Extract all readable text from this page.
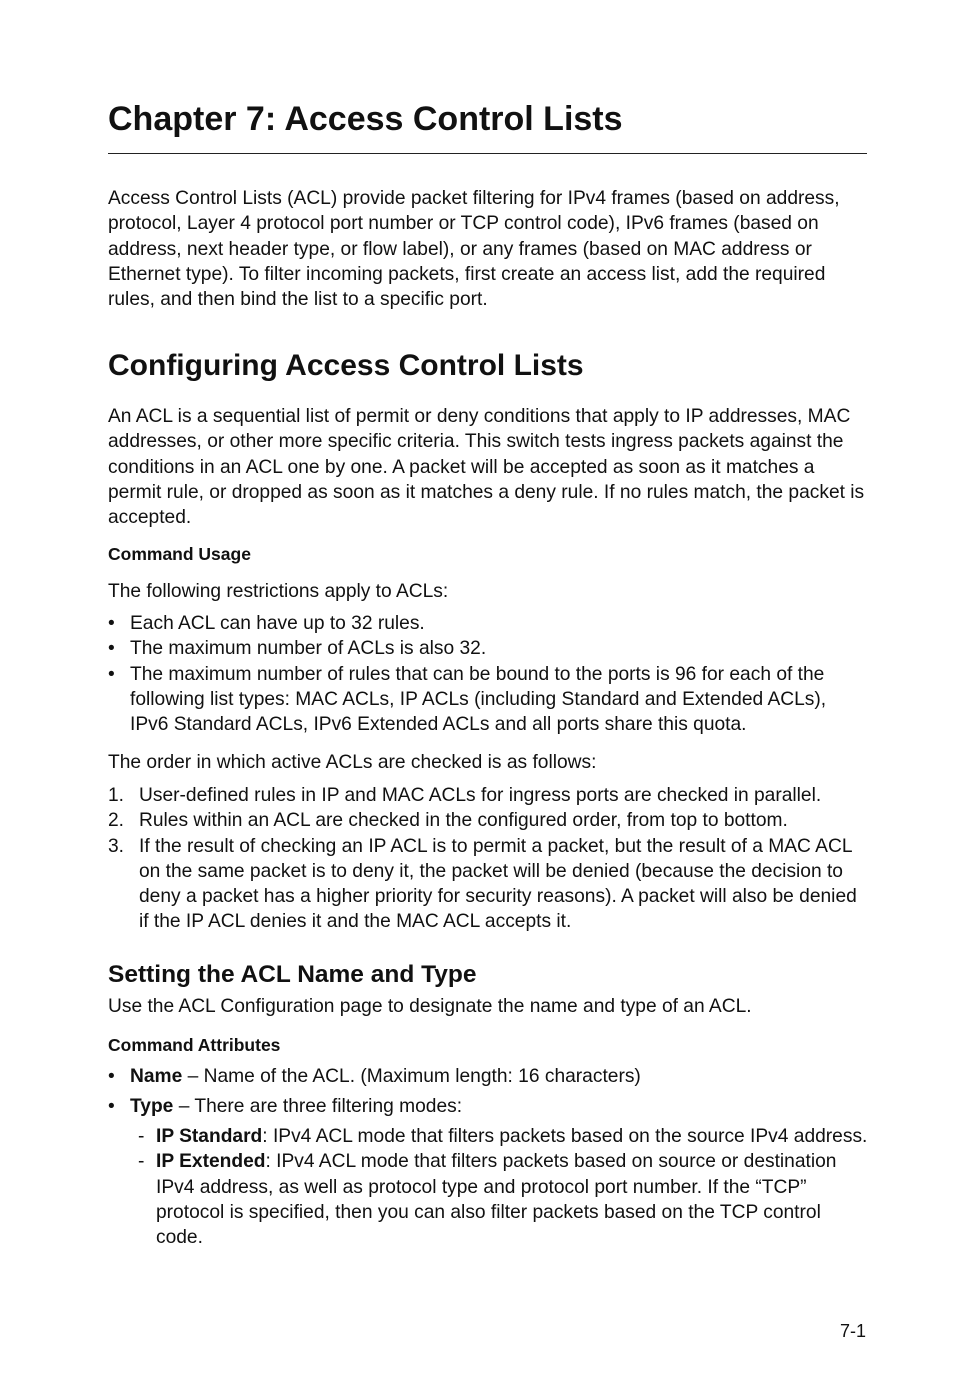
Chapter 7: Access Control Lists

Access Control Lists (ACL) provide packet filtering for IPv4 frames (based on address, protocol, Layer 4 protocol port number or TCP control code), IPv6 frames (based on address, next header type, or flow label), or any frames (based on MAC address or Ethernet type). To filter incoming packets, first create an access list, add the required rules, and then bind the list to a specific port.

Configuring Access Control Lists

An ACL is a sequential list of permit or deny conditions that apply to IP addresses, MAC addresses, or other more specific criteria. This switch tests ingress packets against the conditions in an ACL one by one. A packet will be accepted as soon as it matches a permit rule, or dropped as soon as it matches a deny rule. If no rules match, the packet is accepted.

Command Usage

The following restrictions apply to ACLs:

• Each ACL can have up to 32 rules.
• The maximum number of ACLs is also 32.
• The maximum number of rules that can be bound to the ports is 96 for each of the following list types: MAC ACLs, IP ACLs (including Standard and Extended ACLs), IPv6 Standard ACLs, IPv6 Extended ACLs and all ports share this quota.

The order in which active ACLs are checked is as follows:

1. User-defined rules in IP and MAC ACLs for ingress ports are checked in parallel.
2. Rules within an ACL are checked in the configured order, from top to bottom.
3. If the result of checking an IP ACL is to permit a packet, but the result of a MAC ACL on the same packet is to deny it, the packet will be denied (because the decision to deny a packet has a higher priority for security reasons). A packet will also be denied if the IP ACL denies it and the MAC ACL accepts it.
Setting the ACL Name and Type

Use the ACL Configuration page to designate the name and type of an ACL.

Command Attributes
• Name – Name of the ACL. (Maximum length: 16 characters)
• Type – There are three filtering modes:
- IP Standard: IPv4 ACL mode that filters packets based on the source IPv4 address.
- IP Extended: IPv4 ACL mode that filters packets based on source or destination IPv4 address, as well as protocol type and protocol port number. If the “TCP” protocol is specified, then you can also filter packets based on the TCP control code.

7-1
